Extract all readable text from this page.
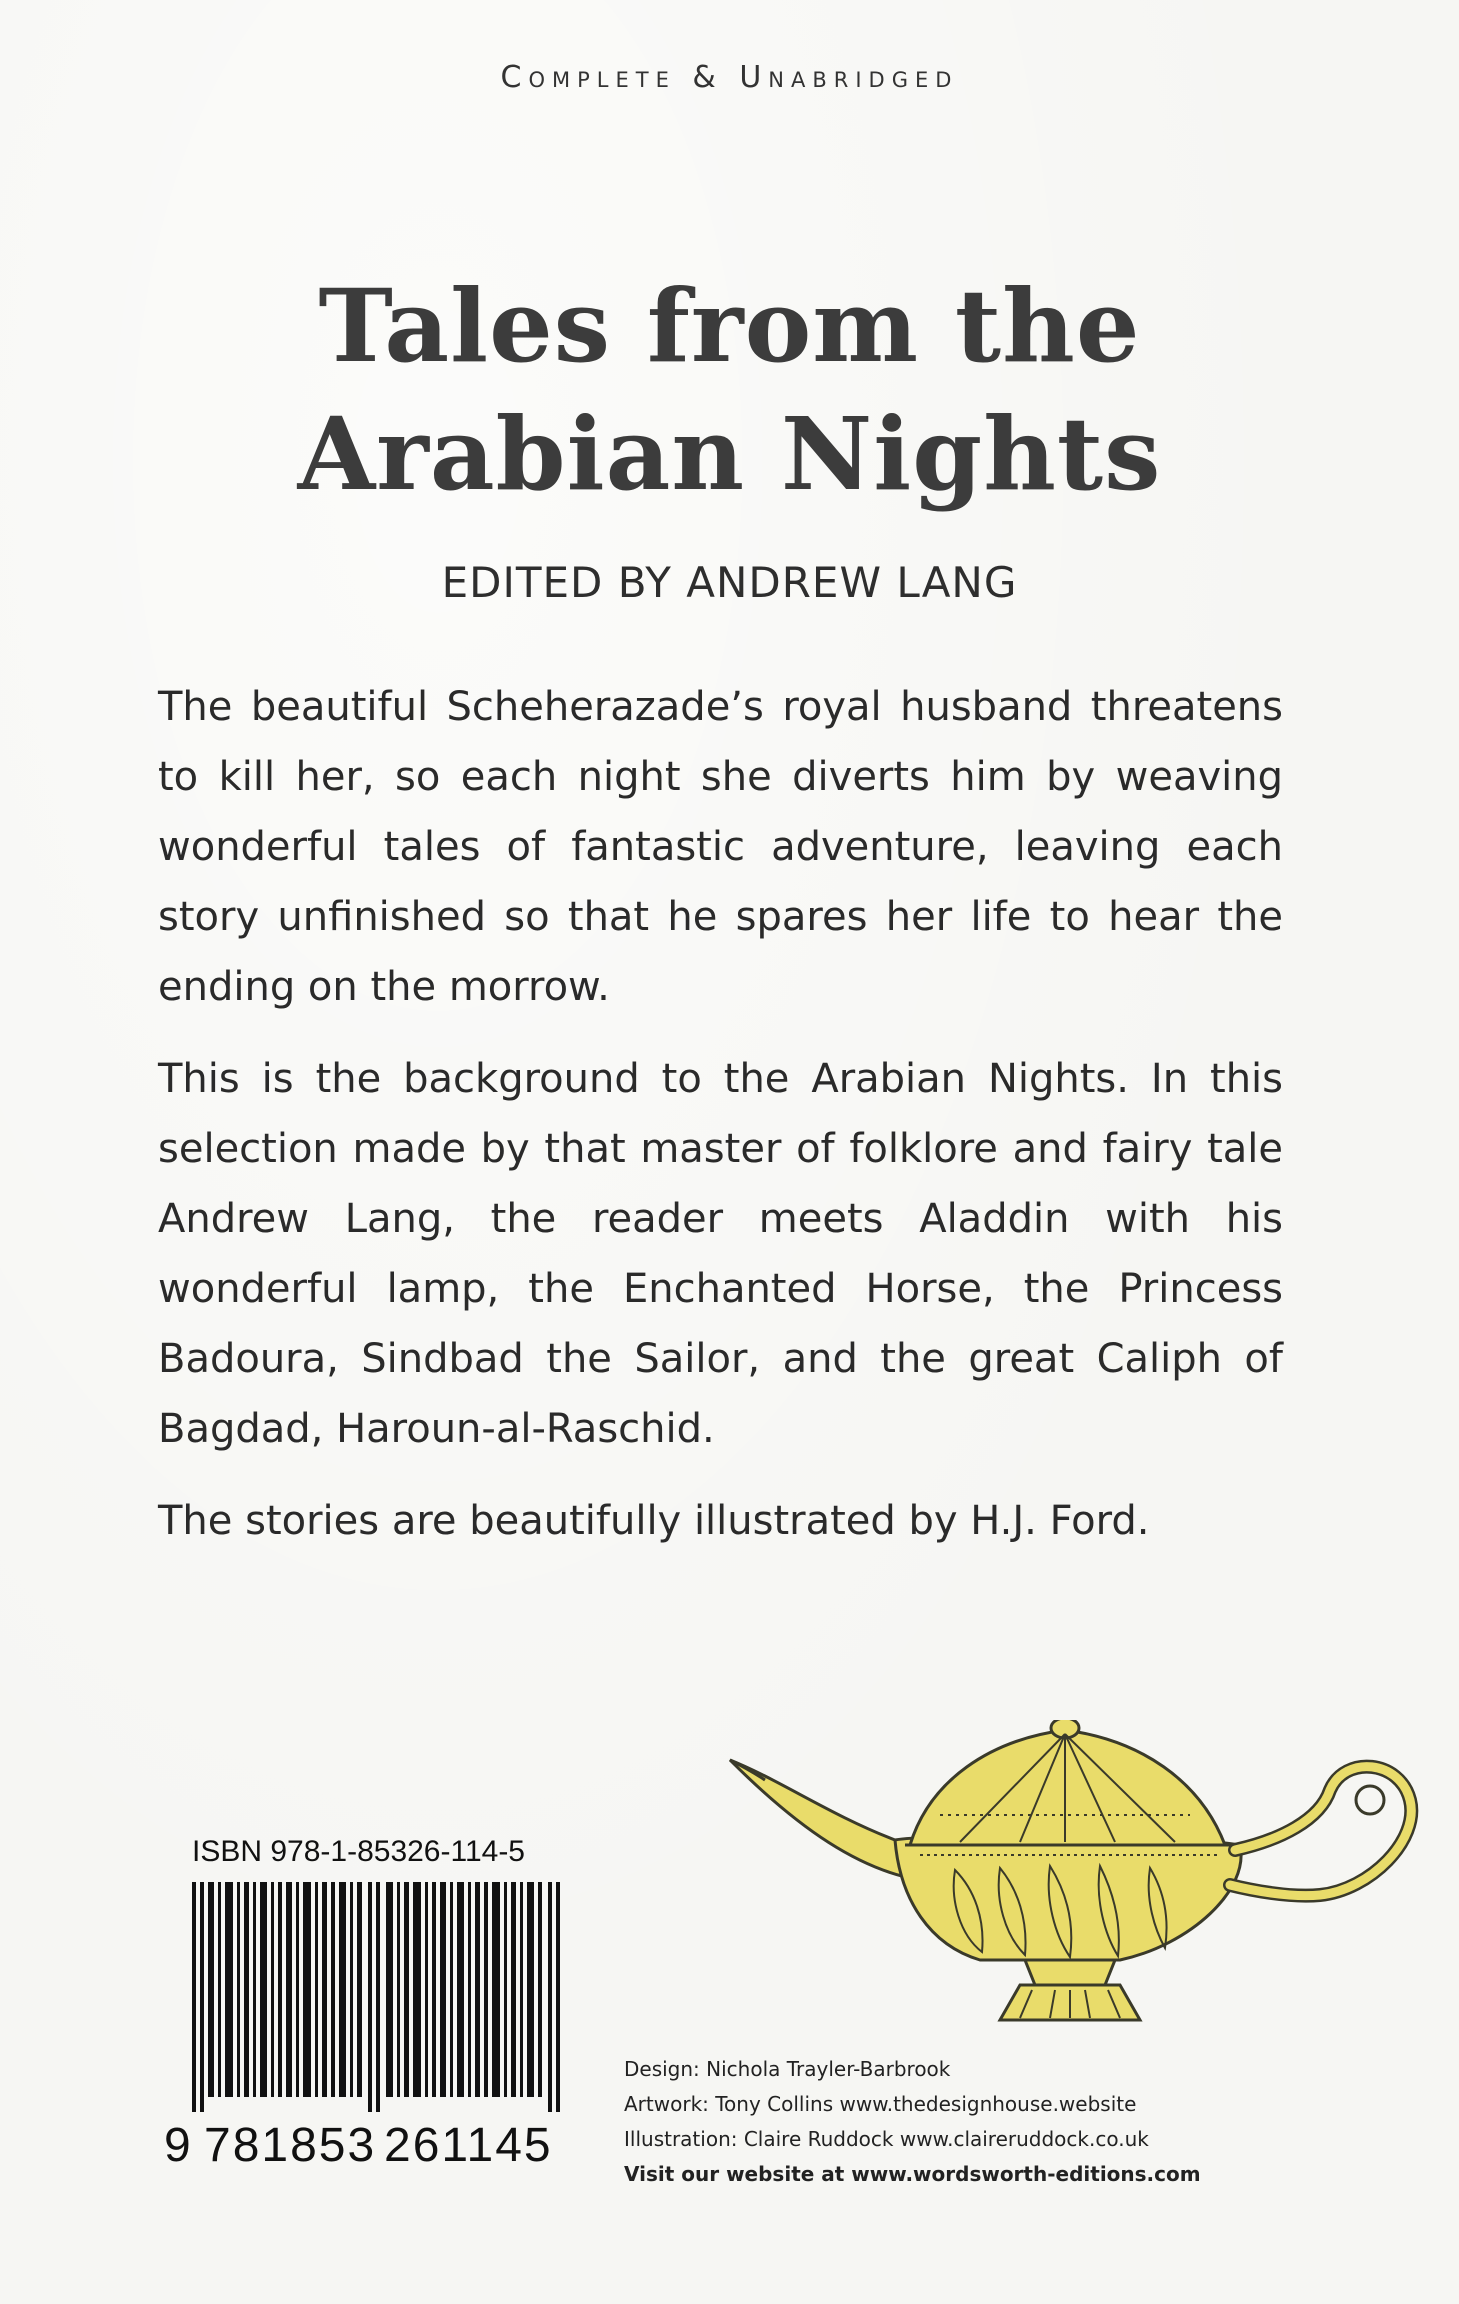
Complete & Unabridged
Tales from the
Arabian Nights
EDITED BY ANDREW LANG

The beautiful Scheherazade’s royal husband threatens to kill her, so each night she diverts him by weaving wonderful tales of fantastic adventure, leaving each story unfinished so that he spares her life to hear the ending on the morrow.

This is the background to the Arabian Nights. In this selection made by that master of folklore and fairy tale Andrew Lang, the reader meets Aladdin with his wonderful lamp, the Enchanted Horse, the Princess Badoura, Sindbad the Sailor, and the great Caliph of Bagdad, Haroun-al-Raschid.

The stories are beautifully illustrated by H.J. Ford.

ISBN 978-1-85326-114-5
9 781853 261145
Design: Nichola Trayler-Barbrook
Artwork: Tony Collins www.thedesignhouse.website
Illustration: Claire Ruddock www.claireruddock.co.uk
Visit our website at www.wordsworth-editions.com
